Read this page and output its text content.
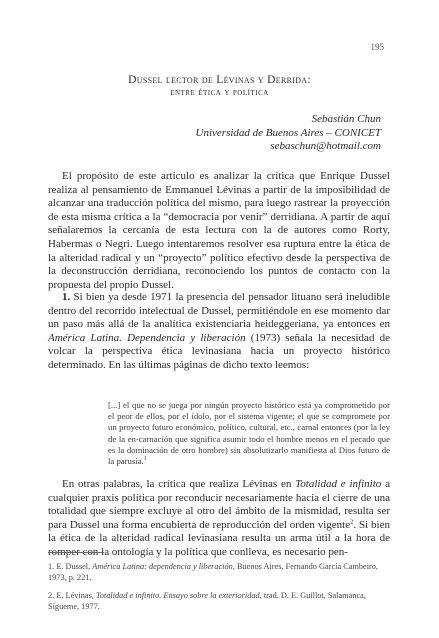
195
Dussel lector de Lévinas y Derrida:
entre ética y política
Sebastián Chun
Universidad de Buenos Aires – CONICET
sebaschun@hotmail.com

El propósito de este artículo es analizar la crítica que Enrique Dussel realiza al pensamiento de Emmanuel Lévinas a partir de la imposibilidad de alcanzar una traducción política del mismo, para luego rastrear la proyección de esta misma crítica a la “democracia por venir” derridiana. A partir de aquí señalaremos la cercanía de esta lectura con la de autores como Rorty, Habermas o Negri. Luego intentaremos resolver esa ruptura entre la ética de la alteridad radical y un “proyecto” político efectivo desde la perspectiva de la deconstrucción derridiana, reconociendo los puntos de contacto con la propuesta del propio Dussel.

1. Si bien ya desde 1971 la presencia del pensador lituano será ineludible dentro del recorrido intelectual de Dussel, permitiéndole en ese momento dar un paso más allá de la analítica existenciaria heideggeriana, ya entonces en América Latina. Dependencia y liberación (1973) señala la necesidad de volcar la perspectiva ética levinasiana hacia un proyecto histórico determinado. En las últimas páginas de dicho texto leemos:

[...] el que no se juega por ningún proyecto histórico está ya comprometido por el peor de ellos, por el ídolo, por el sistema vigente; el que se compromete por un proyecto futuro económico, político, cultural, etc., carnal entonces (por la ley de la en-carnación que significa asumir todo el hombre menos en el pecado que es la dominación de otro hombre) sin absolutizarlo manifiesta al Dios futuro de la parusía.$^1$

En otras palabras, la crítica que realiza Lévinas en Totalidad e infinito a cualquier praxis política por reconducir necesariamente hacia el cierre de una totalidad que siempre excluye al otro del ámbito de la mismidad, resulta ser para Dussel una forma encubierta de reproducción del orden vigente$^2$. Si bien la ética de la alteridad radical levinasiana resulta un arma útil a la hora de romper con la ontología y la política que conlleva, es necesario pen-

1. E. Dussel, América Latina: dependencia y liberación, Buenos Aires, Fernando García Cambeiro, 1973, p. 221.
2. E. Lévinas, Totalidad e infinito. Ensayo sobre la exterioridad, trad. D. E. Guillot, Salamanca, Sígueme, 1977.
